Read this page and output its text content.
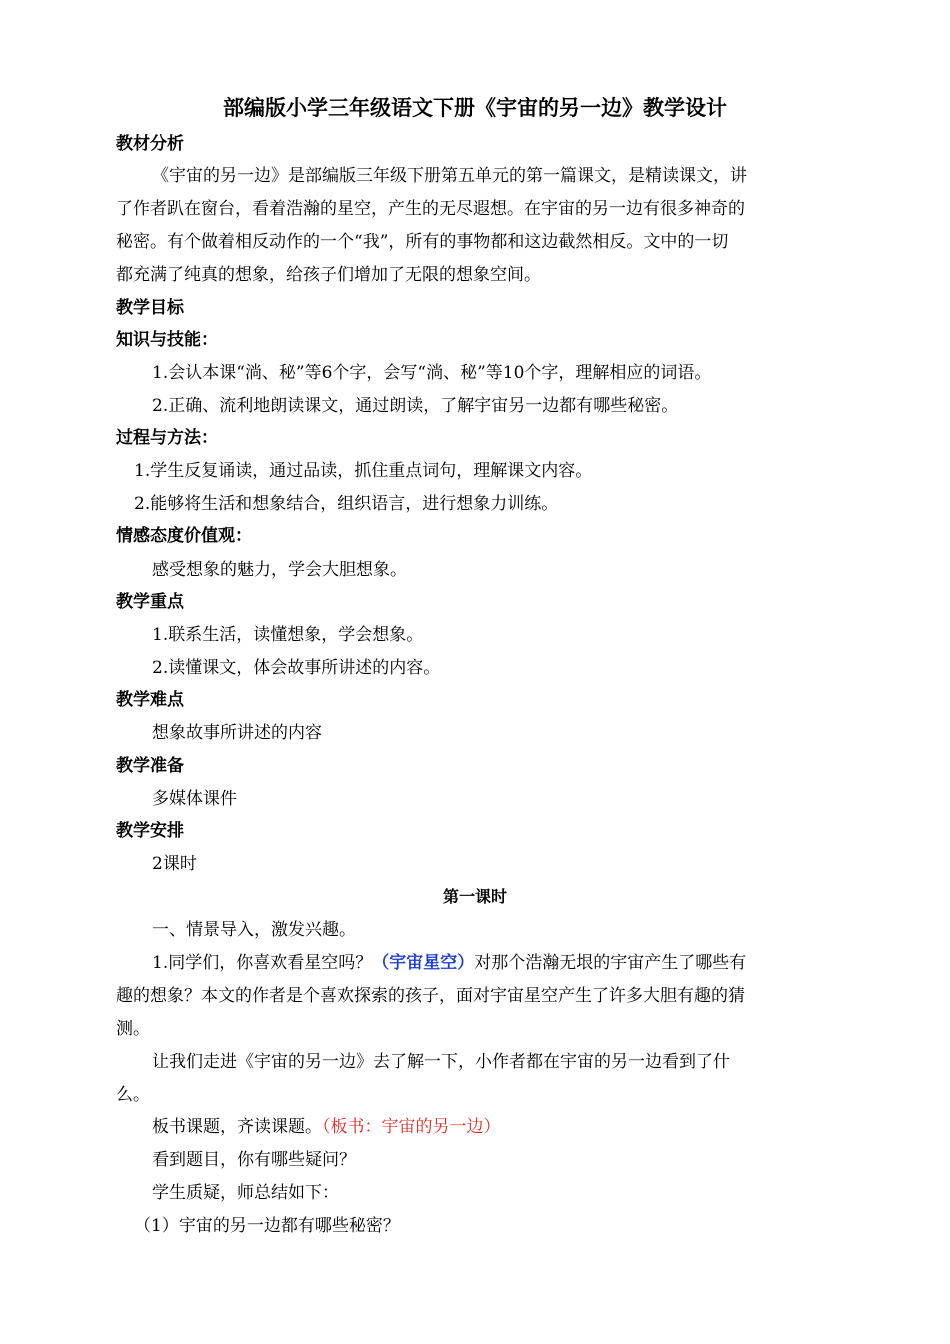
部编版小学三年级语文下册《宇宙的另一边》教学设计
教材分析
《宇宙的另一边》是部编版三年级下册第五单元的第一篇课文，是精读课文，讲
了作者趴在窗台，看着浩瀚的星空，产生的无尽遐想。在宇宙的另一边有很多神奇的
秘密。有个做着相反动作的一个“我”，所有的事物都和这边截然相反。文中的一切
都充满了纯真的想象，给孩子们增加了无限的想象空间。
教学目标
知识与技能：
1.会认本课“淌、秘”等6个字，会写“淌、秘”等10个字，理解相应的词语。
2.正确、流利地朗读课文，通过朗读，了解宇宙另一边都有哪些秘密。
过程与方法：
1.学生反复诵读，通过品读，抓住重点词句，理解课文内容。
2.能够将生活和想象结合，组织语言，进行想象力训练。
情感态度价值观：
感受想象的魅力，学会大胆想象。
教学重点
1.联系生活，读懂想象，学会想象。
2.读懂课文，体会故事所讲述的内容。
教学难点
想象故事所讲述的内容
教学准备
多媒体课件
教学安排
2课时
第一课时
一、情景导入，激发兴趣。
1.同学们，你喜欢看星空吗？（宇宙星空）对那个浩瀚无垠的宇宙产生了哪些有
趣的想象？本文的作者是个喜欢探索的孩子，面对宇宙星空产生了许多大胆有趣的猜
测。
让我们走进《宇宙的另一边》去了解一下，小作者都在宇宙的另一边看到了什
么。
板书课题，齐读课题。（板书：宇宙的另一边）
看到题目，你有哪些疑问？
学生质疑，师总结如下：
（1）宇宙的另一边都有哪些秘密？
